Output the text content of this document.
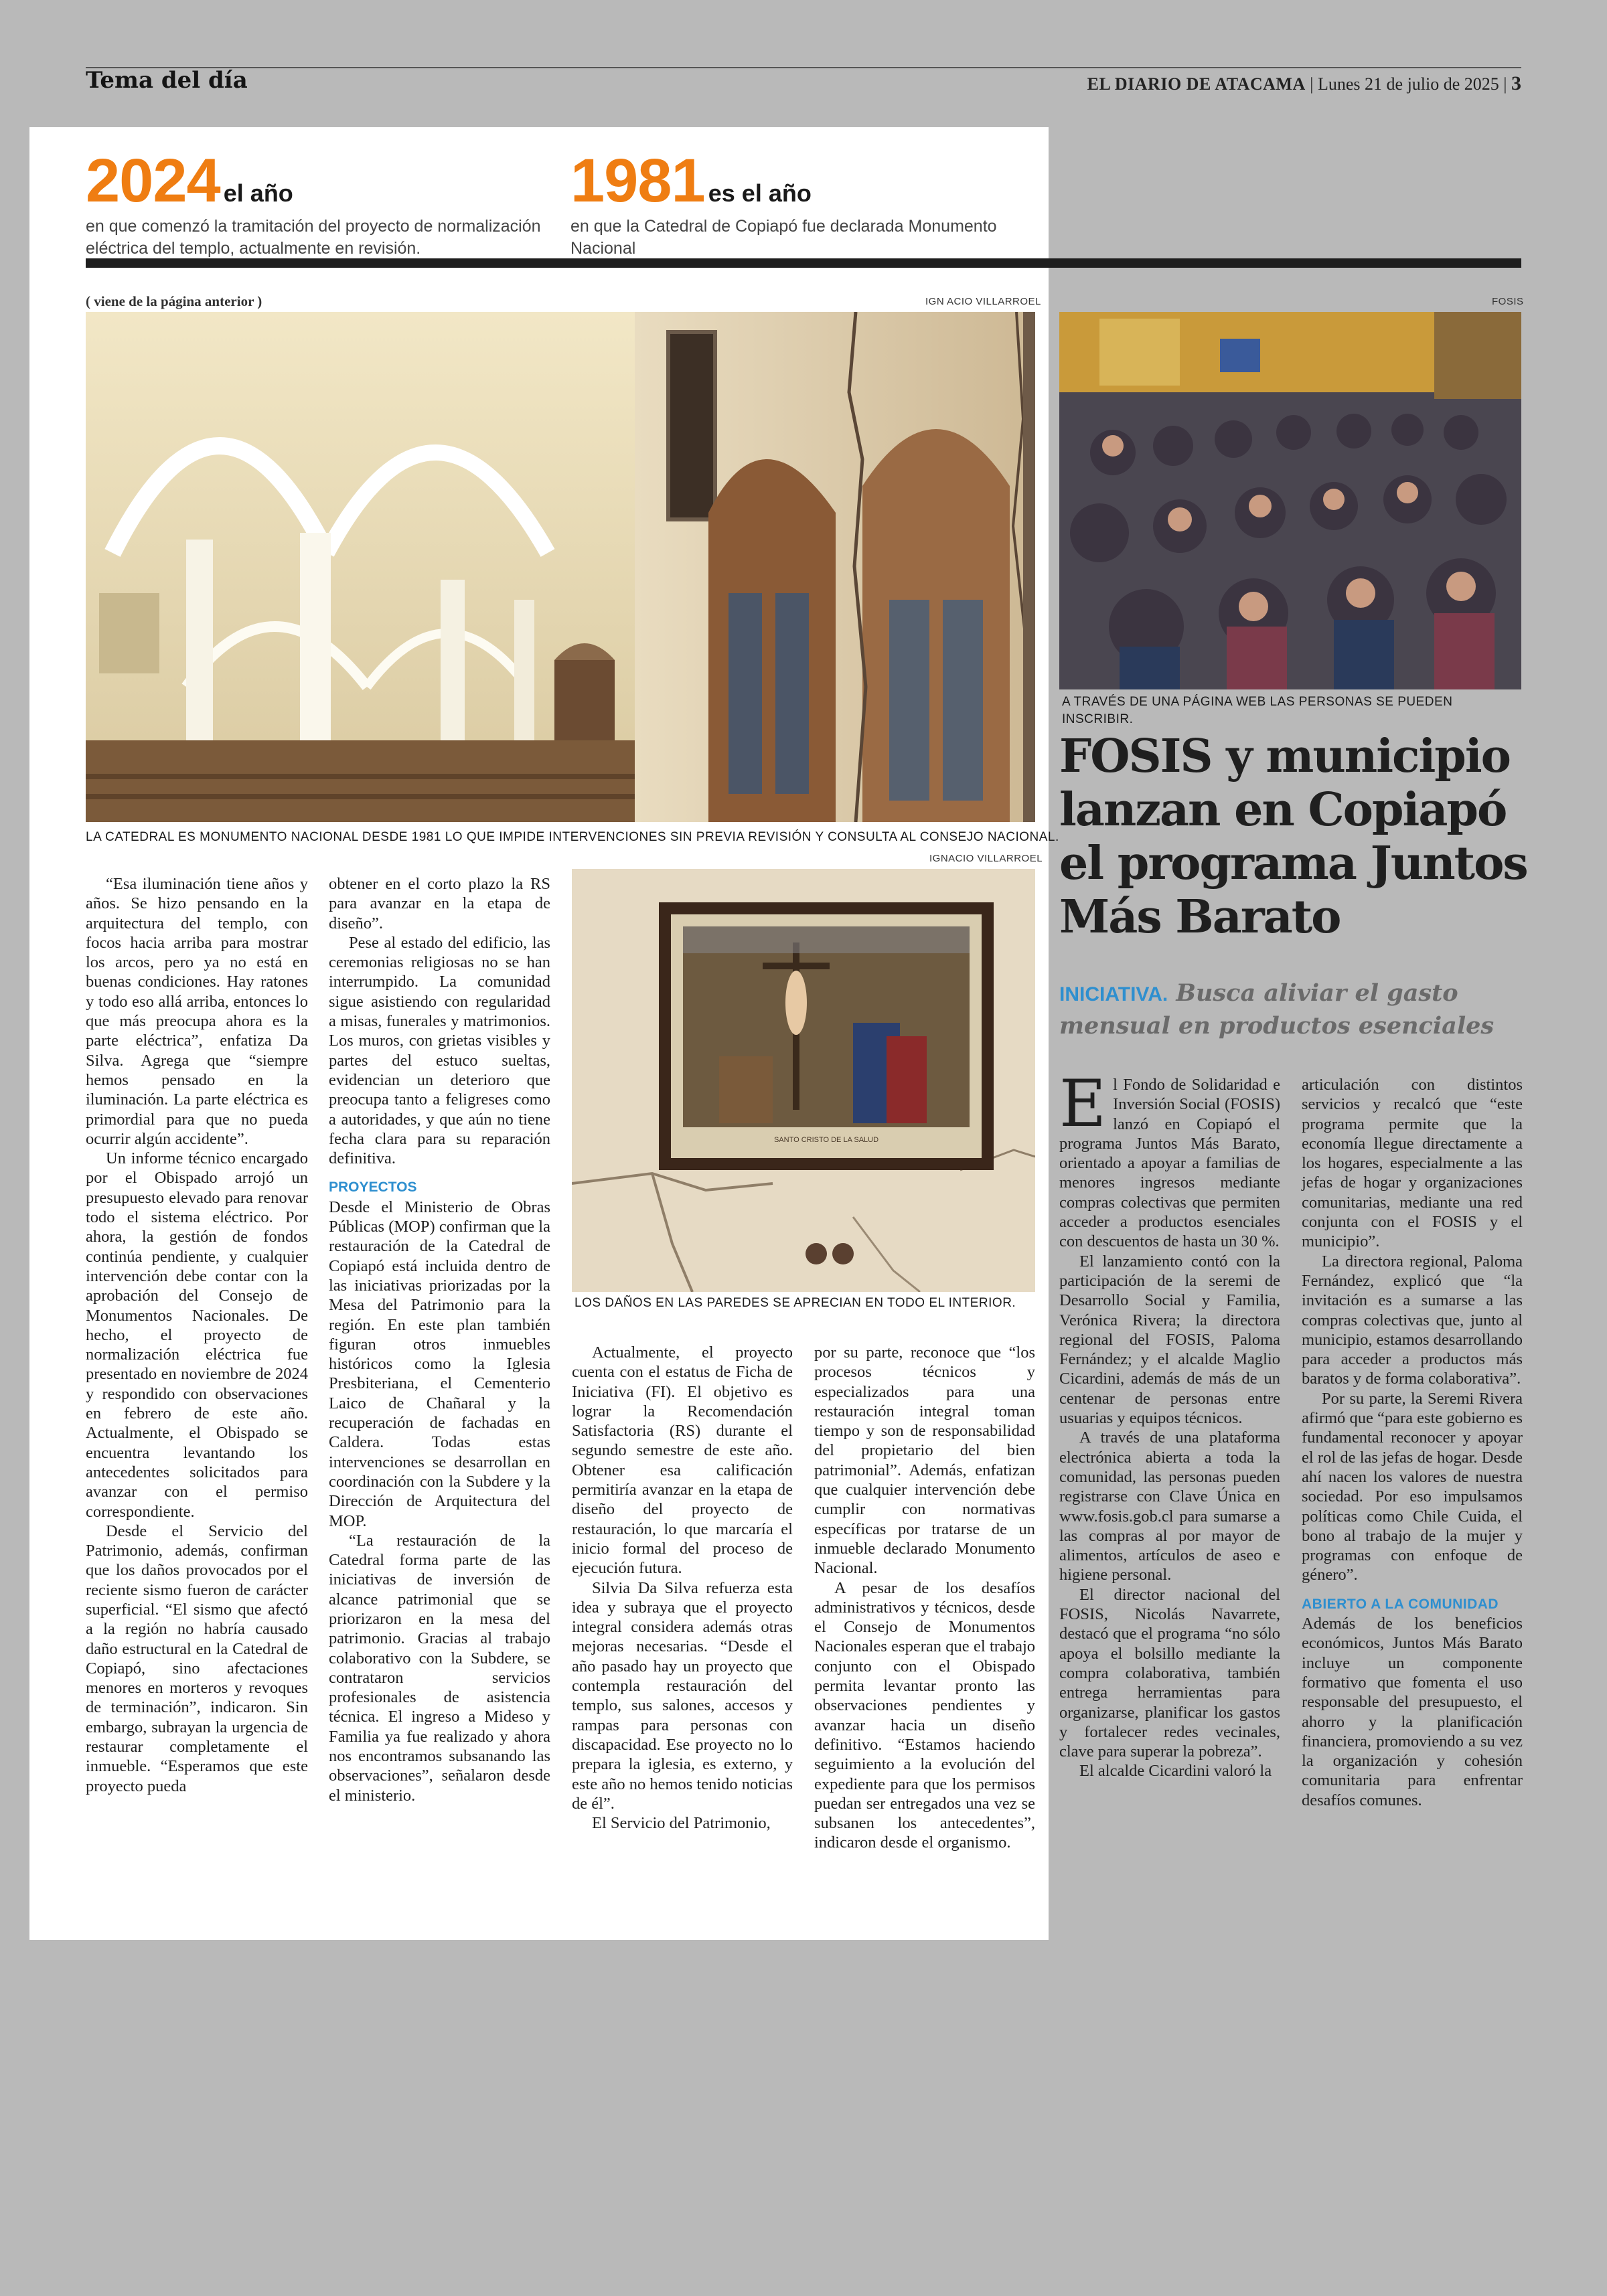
Tema del día	EL DIARIO DE ATACAMA | Lunes 21 de julio de 2025 | 3
2024 el año
en que comenzó la tramitación del proyecto de normalización eléctrica del templo, actualmente en revisión.
1981 es el año
en que la Catedral de Copiapó fue declarada Monumento Nacional
( viene de la página anterior )	IGN ACIO VILLARROEL
LA CATEDRAL ES MONUMENTO NACIONAL DESDE 1981 LO QUE IMPIDE INTERVENCIONES SIN PREVIA REVISIÓN Y CONSULTA AL CONSEJO NACIONAL.
IGNACIO VILLARROEL
SANTO CRISTO DE LA SALUD
LOS DAÑOS EN LAS PAREDES SE APRECIAN EN TODO EL INTERIOR.

“Esa iluminación tiene años y años. Se hizo pensando en la arquitectura del templo, con focos hacia arriba para mostrar los arcos, pero ya no está en buenas condiciones. Hay ratones y todo eso allá arriba, entonces lo que más preocupa ahora es la parte eléctrica”, enfatiza Da Silva. Agrega que “siempre hemos pensado en la iluminación. La parte eléctrica es primordial para que no pueda ocurrir algún accidente”.

Un informe técnico encargado por el Obispado arrojó un presupuesto elevado para renovar todo el sistema eléctrico. Por ahora, la gestión de fondos continúa pendiente, y cualquier intervención debe contar con la aprobación del Consejo de Monumentos Nacionales. De hecho, el proyecto de normalización eléctrica fue presentado en noviembre de 2024 y respondido con observaciones en febrero de este año. Actualmente, el Obispado se encuentra levantando los antecedentes solicitados para avanzar con el permiso correspondiente.

Desde el Servicio del Patrimonio, además, confirman que los daños provocados por el reciente sismo fueron de carácter superficial. “El sismo que afectó a la región no habría causado daño estructural en la Catedral de Copiapó, sino afectaciones menores en morteros y revoques de terminación”, indicaron. Sin embargo, subrayan la urgencia de restaurar completamente el inmueble. “Esperamos que este proyecto pueda

obtener en el corto plazo la RS para avanzar en la etapa de diseño”.

Pese al estado del edificio, las ceremonias religiosas no se han interrumpido. La comunidad sigue asistiendo con regularidad a misas, funerales y matrimonios. Los muros, con grietas visibles y partes del estuco sueltas, evidencian un deterioro que preocupa tanto a feligreses como a autoridades, y que aún no tiene fecha clara para su reparación definitiva.

PROYECTOS

Desde el Ministerio de Obras Públicas (MOP) confirman que la restauración de la Catedral de Copiapó está incluida dentro de las iniciativas priorizadas por la Mesa del Patrimonio para la región. En este plan también figuran otros inmuebles históricos como la Iglesia Presbiteriana, el Cementerio Laico de Chañaral y la recuperación de fachadas en Caldera. Todas estas intervenciones se desarrollan en coordinación con la Subdere y la Dirección de Arquitectura del MOP.

“La restauración de la Catedral forma parte de las iniciativas de inversión de alcance patrimonial que se priorizaron en la mesa del patrimonio. Gracias al trabajo colaborativo con la Subdere, se contrataron servicios profesionales de asistencia técnica. El ingreso a Mideso y Familia ya fue realizado y ahora nos encontramos subsanando las observaciones”, señalaron desde el ministerio.

Actualmente, el proyecto cuenta con el estatus de Ficha de Iniciativa (FI). El objetivo es lograr la Recomendación Satisfactoria (RS) durante el segundo semestre de este año. Obtener esa calificación permitiría avanzar en la etapa de diseño del proyecto de restauración, lo que marcaría el inicio formal del proceso de ejecución futura.

Silvia Da Silva refuerza esta idea y subraya que el proyecto integral considera además otras mejoras necesarias. “Desde el año pasado hay un proyecto que contempla restauración del templo, sus salones, accesos y rampas para personas con discapacidad. Ese proyecto no lo prepara la iglesia, es externo, y este año no hemos tenido noticias de él”.

El Servicio del Patrimonio,

por su parte, reconoce que “los procesos técnicos y especializados para una restauración integral toman tiempo y son de responsabilidad del propietario del bien patrimonial”. Además, enfatizan que cualquier intervención debe cumplir con normativas específicas por tratarse de un inmueble declarado Monumento Nacional.

A pesar de los desafíos administrativos y técnicos, desde el Consejo de Monumentos Nacionales esperan que el trabajo conjunto con el Obispado permita levantar pronto las observaciones pendientes y avanzar hacia un diseño definitivo. “Estamos haciendo seguimiento a la evolución del expediente para que los permisos puedan ser entregados una vez se subsanen los antecedentes”, indicaron desde el organismo.

FOSIS
A TRAVÉS DE UNA PÁGINA WEB LAS PERSONAS SE PUEDEN INSCRIBIR.
FOSIS y municipio lanzan en Copiapó el programa Juntos Más Barato
INICIATIVA. Busca aliviar el gasto mensual en productos esenciales

E l Fondo de Solidaridad e Inversión Social (FOSIS) lanzó en Copiapó el programa Juntos Más Barato, orientado a apoyar a familias de menores ingresos mediante compras colectivas que permiten acceder a productos esenciales con descuentos de hasta un 30 %.

El lanzamiento contó con la participación de la seremi de Desarrollo Social y Familia, Verónica Rivera; la directora regional del FOSIS, Paloma Fernández; y el alcalde Maglio Cicardini, además de más de un centenar de personas entre usuarias y equipos técnicos.

A través de una plataforma electrónica abierta a toda la comunidad, las personas pueden registrarse con Clave Única en www.fosis.gob.cl para sumarse a las compras al por mayor de alimentos, artículos de aseo e higiene personal.

El director nacional del FOSIS, Nicolás Navarrete, destacó que el programa “no sólo apoya el bolsillo mediante la compra colaborativa, también entrega herramientas para organizarse, planificar los gastos y fortalecer redes vecinales, clave para superar la pobreza”.

El alcalde Cicardini valoró la

articulación con distintos servicios y recalcó que “este programa permite que la economía llegue directamente a los hogares, especialmente a las jefas de hogar y organizaciones comunitarias, mediante una red conjunta con el FOSIS y el municipio”.

La directora regional, Paloma Fernández, explicó que “la invitación es a sumarse a las compras colectivas que, junto al municipio, estamos desarrollando para acceder a productos más baratos y de forma colaborativa”.

Por su parte, la Seremi Rivera afirmó que “para este gobierno es fundamental reconocer y apoyar el rol de las jefas de hogar. Desde ahí nacen los valores de nuestra sociedad. Por eso impulsamos políticas como Chile Cuida, el bono al trabajo de la mujer y programas con enfoque de género”.

ABIERTO A LA COMUNIDAD

Además de los beneficios económicos, Juntos Más Barato incluye un componente formativo que fomenta el uso responsable del presupuesto, el ahorro y la planificación financiera, promoviendo a su vez la organización y cohesión comunitaria para enfrentar desafíos comunes.
